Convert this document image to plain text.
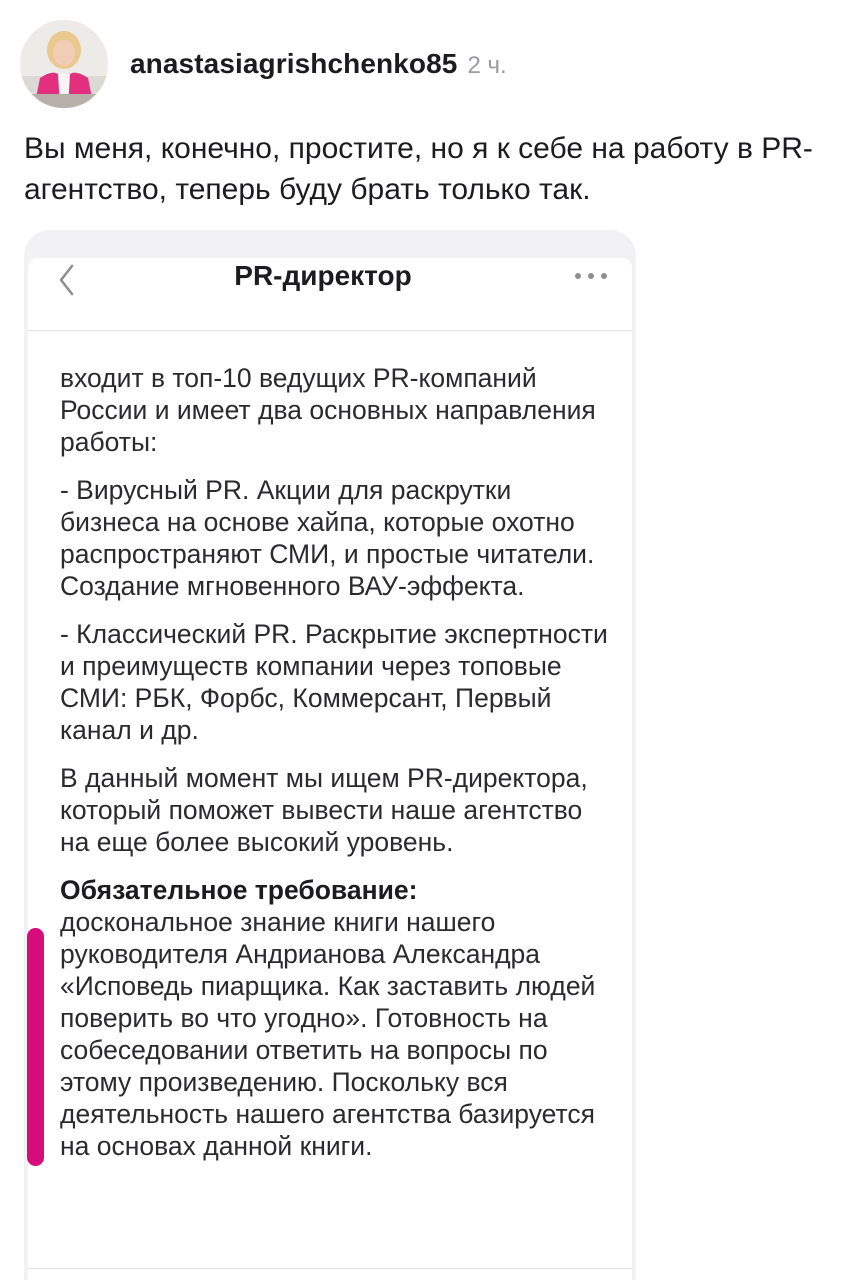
anastasiagrishchenko85 2 ч.
Вы меня, конечно, простите, но я к себе на работу в PR-агентство, теперь буду брать только так.
PR-директор

входит в топ-10 ведущих PR-компаний России и имеет два основных направления работы:

- Вирусный PR. Акции для раскрутки бизнеса на основе хайпа, которые охотно распространяют СМИ, и простые читатели. Создание мгновенного ВАУ-эффекта.

- Классический PR. Раскрытие экспертности и преимуществ компании через топовые СМИ: РБК, Форбс, Коммерсант, Первый канал и др.

В данный момент мы ищем PR-директора, который поможет вывести наше агентство на еще более высокий уровень.

Обязательное требование:
доскональное знание книги нашего руководителя Андрианова Александра «Исповедь пиарщика. Как заставить людей поверить во что угодно». Готовность на собеседовании ответить на вопросы по этому произведению. Поскольку вся деятельность нашего агентства базируется на основах данной книги.
